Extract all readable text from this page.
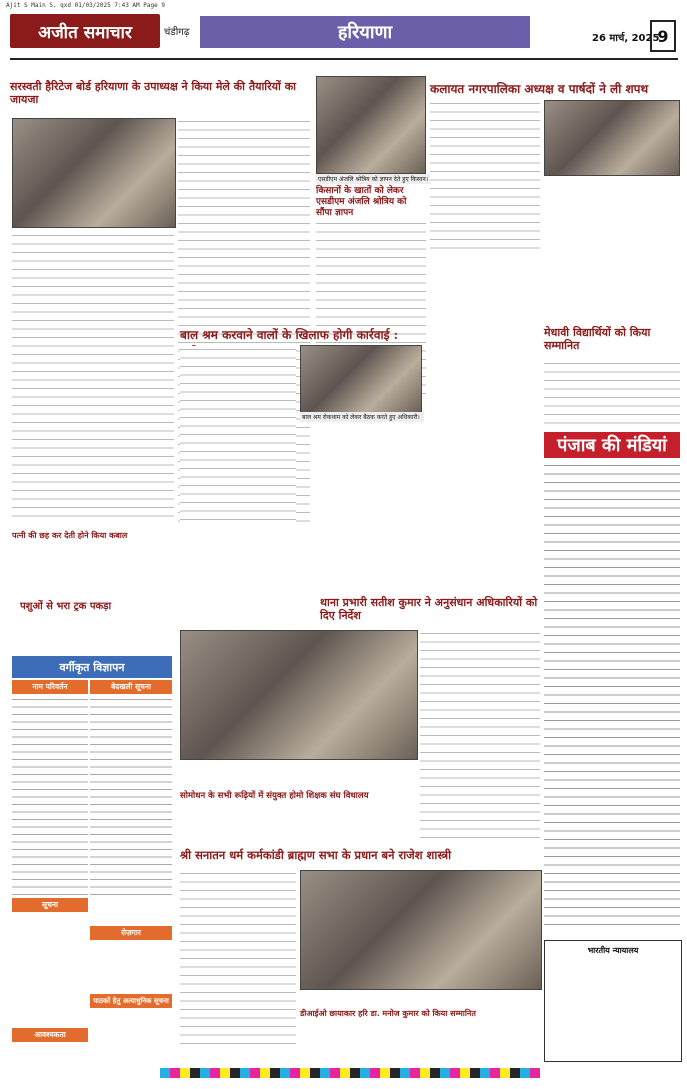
Ajit S Main S. qxd 01/03/2025 7:43 AM Page 9
अजीत समाचार	चंडीगढ़	हरियाणा	26 मार्च, 2025
9
सरस्वती हैरिटेज बोर्ड हरियाणा के उपाध्यक्ष ने किया मेले की तैयारियों का जायजा
एसडीएम अंजलि श्रोत्रिय को ज्ञापन देते हुए किसान।
कलायत नगरपालिका अध्यक्ष व पार्षदों ने ली शपथ
किसानों के खातों को लेकर एसडीएम अंजलि श्रोत्रिय को सौंपा ज्ञापन
बाल श्रम करवाने वालों के खिलाफ होगी कार्रवाई :
बाल श्रम रोकथाम को लेकर बैठक करते हुए अधिकारी।
मेधावी विद्यार्थियों को किया सम्मानित
पंजाब की मंडियां
थाना प्रभारी सतीश कुमार ने अनुसंधान अधिकारियों को दिए निर्देश
सोमोधन के सभी रूढ़ियों में संयुक्त होमो शिक्षक संघ विधालय
श्री सनातन धर्म कर्मकांडी ब्राह्मण सभा के प्रधान बने राजेश शास्त्री
डीआईओ छायाकार हरि डा. मनोज कुमार को किया सम्मानित
पत्नी की छह कर देती होने किया कबाल
पशुओं से भरा ट्रक पकड़ा
वर्गीकृत विज्ञापन
नाम परिवर्तन	बेदखली सूचना
सूचना
रोज़गार
पाठकों हेतु अत्याधुनिक सूचना
आवश्यकता
भारतीय न्यायालय
